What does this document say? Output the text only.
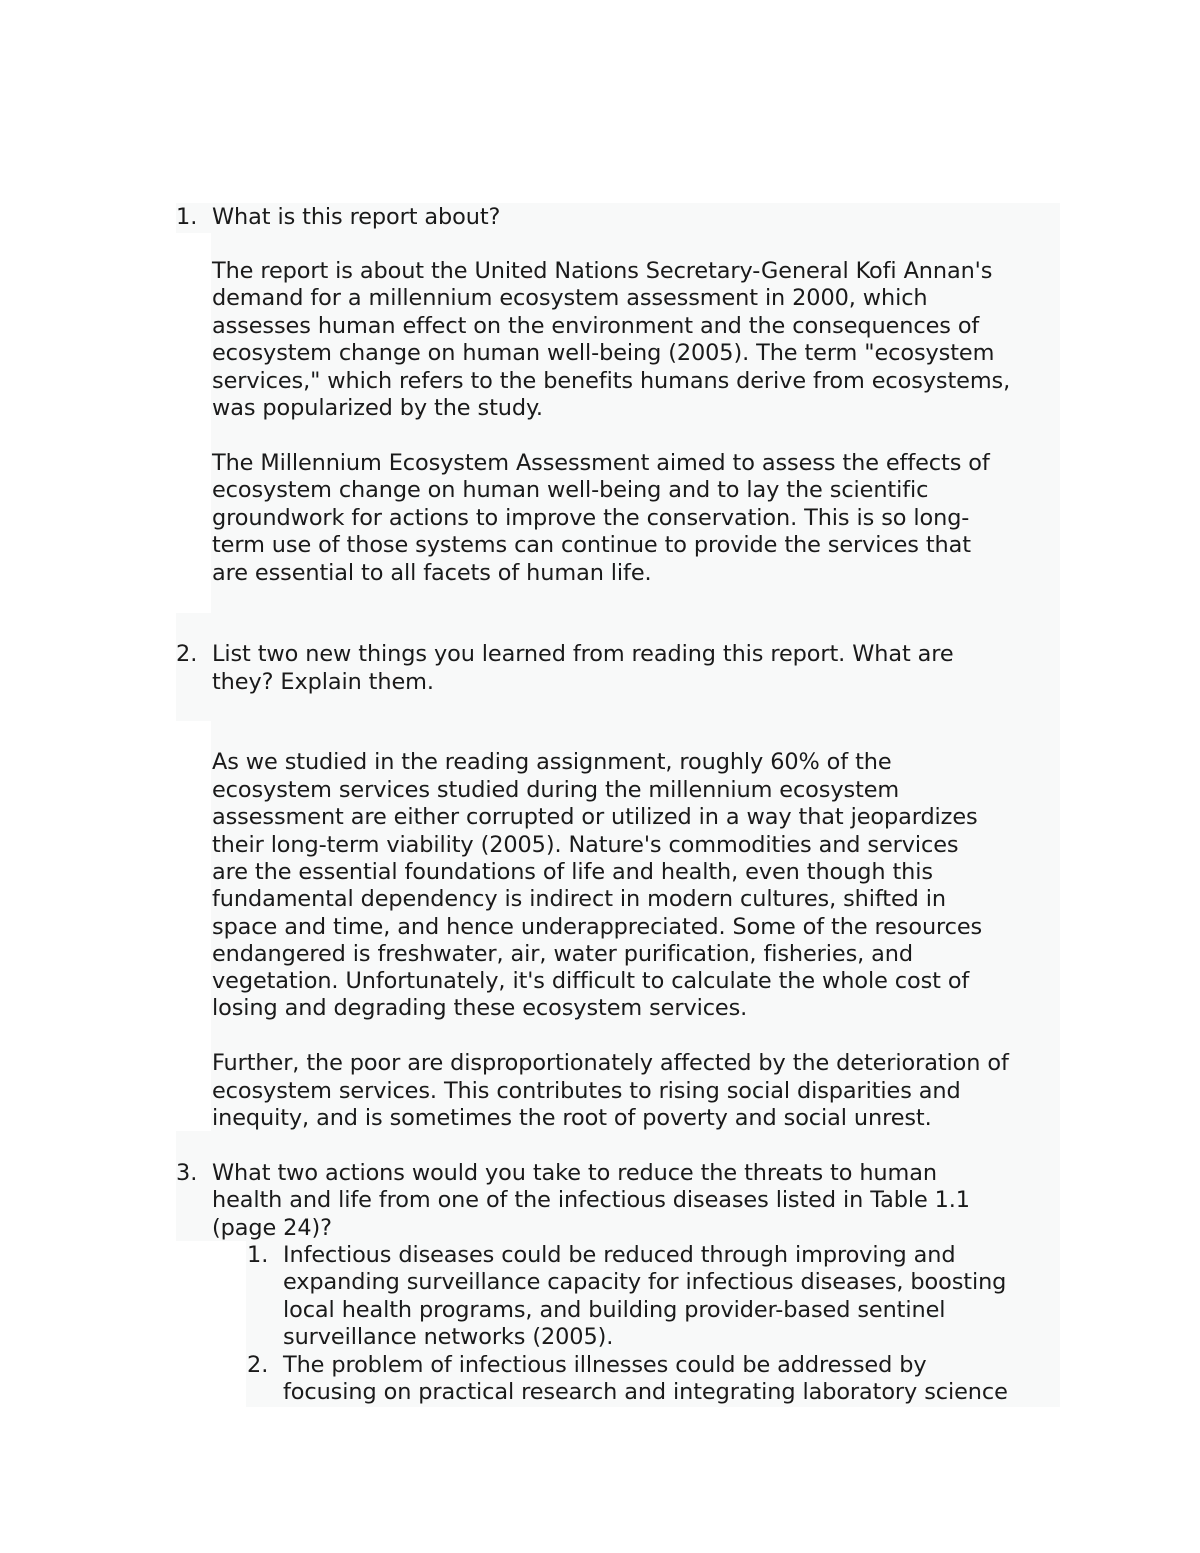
1. What is this report about?
The report is about the United Nations Secretary-General Kofi Annan's
demand for a millennium ecosystem assessment in 2000, which
assesses human effect on the environment and the consequences of
ecosystem change on human well-being (2005). The term "ecosystem
services," which refers to the benefits humans derive from ecosystems,
was popularized by the study.
The Millennium Ecosystem Assessment aimed to assess the effects of
ecosystem change on human well-being and to lay the scientific
groundwork for actions to improve the conservation. This is so long-
term use of those systems can continue to provide the services that
are essential to all facets of human life.
2. List two new things you learned from reading this report. What are
they? Explain them.
As we studied in the reading assignment, roughly 60% of the
ecosystem services studied during the millennium ecosystem
assessment are either corrupted or utilized in a way that jeopardizes
their long-term viability (2005). Nature's commodities and services
are the essential foundations of life and health, even though this
fundamental dependency is indirect in modern cultures, shifted in
space and time, and hence underappreciated. Some of the resources
endangered is freshwater, air, water purification, fisheries, and
vegetation. Unfortunately, it's difficult to calculate the whole cost of
losing and degrading these ecosystem services.
Further, the poor are disproportionately affected by the deterioration of
ecosystem services. This contributes to rising social disparities and
inequity, and is sometimes the root of poverty and social unrest.
3. What two actions would you take to reduce the threats to human
health and life from one of the infectious diseases listed in Table 1.1
(page 24)?
1. Infectious diseases could be reduced through improving and
expanding surveillance capacity for infectious diseases, boosting
local health programs, and building provider-based sentinel
surveillance networks (2005).
2. The problem of infectious illnesses could be addressed by
focusing on practical research and integrating laboratory science
